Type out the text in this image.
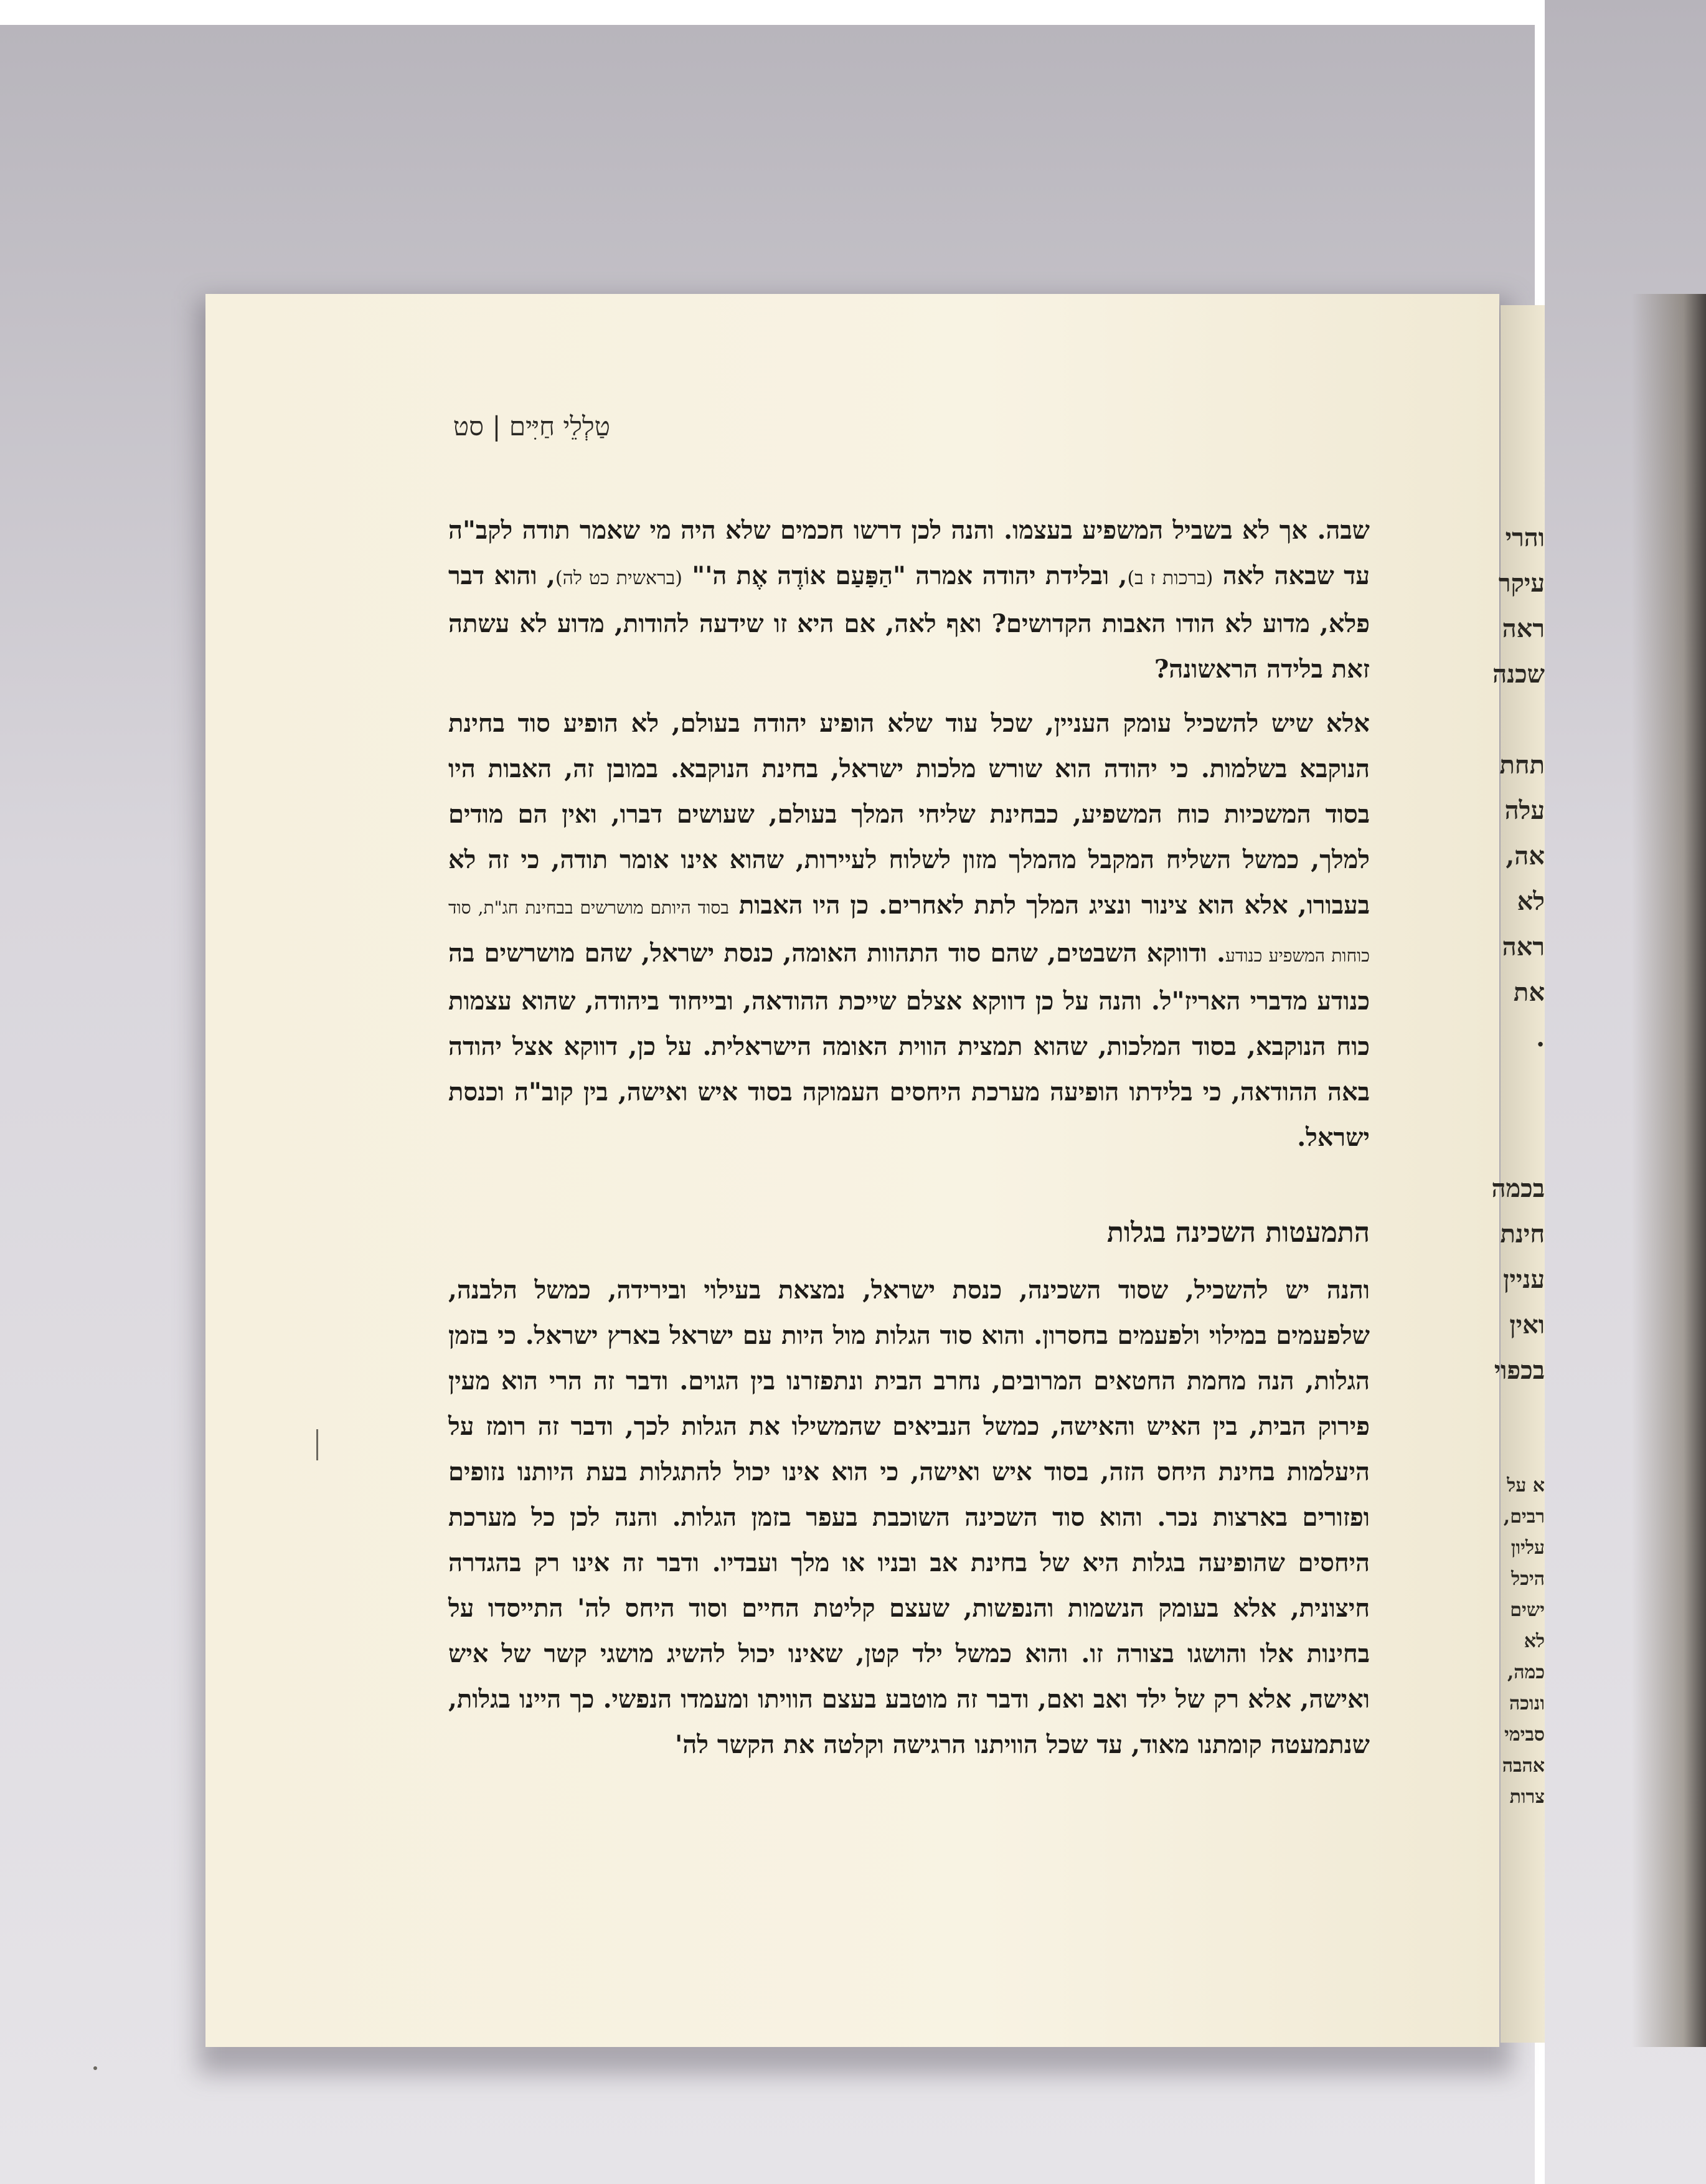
והרי
עיקר
ראה
שכנה
תחת
עלה
אה,
לא
ראה
את
.
בכמה
חינת
עניין
ואין
בכפוי
א על
רבים,
עליון
היכל
ישים
לא
כמה,
ונוכה
סבימי
אהבה
צרות
טַלְלֵי חַיִּים | סט

שבה. אך לא בשביל המשפיע בעצמו. והנה לכן דרשו חכמים שלא היה מי שאמר תודה לקב"ה עד שבאה לאה (ברכות ז ב), ובלידת יהודה אמרה "הַפַּעַם אוֹדֶה אֶת ה'" (בראשית כט לה), והוא דבר פלא, מדוע לא הודו האבות הקדושים? ואף לאה, אם היא זו שידעה להודות, מדוע לא עשתה זאת בלידה הראשונה?

אלא שיש להשכיל עומק העניין, שכל עוד שלא הופיע יהודה בעולם, לא הופיע סוד בחינת הנוקבא בשלמות. כי יהודה הוא שורש מלכות ישראל, בחינת הנוקבא. במובן זה, האבות היו בסוד המשכיות כוח המשפיע, כבחינת שליחי המלך בעולם, שעושים דברו, ואין הם מודים למלך, כמשל השליח המקבל מהמלך מזון לשלוח לעיירות, שהוא אינו אומר תודה, כי זה לא בעבורו, אלא הוא צינור ונציג המלך לתת לאחרים. כן היו האבות בסוד היותם מושרשים בבחינת חג"ת, סוד כוחות המשפיע כנודע. ודווקא השבטים, שהם סוד התהוות האומה, כנסת ישראל, שהם מושרשים בה כנודע מדברי האריז"ל. והנה על כן דווקא אצלם שייכת ההודאה, ובייחוד ביהודה, שהוא עצמות כוח הנוקבא, בסוד המלכות, שהוא תמצית הווית האומה הישראלית. על כן, דווקא אצל יהודה באה ההודאה, כי בלידתו הופיעה מערכת היחסים העמוקה בסוד איש ואישה, בין קוב"ה וכנסת ישראל.

התמעטות השכינה בגלות

והנה יש להשכיל, שסוד השכינה, כנסת ישראל, נמצאת בעילוי ובירידה, כמשל הלבנה, שלפעמים במילוי ולפעמים בחסרון. והוא סוד הגלות מול היות עם ישראל בארץ ישראל. כי בזמן הגלות, הנה מחמת החטאים המרובים, נחרב הבית ונתפזרנו בין הגוים. ודבר זה הרי הוא מעין פירוק הבית, בין האיש והאישה, כמשל הנביאים שהמשילו את הגלות לכך, ודבר זה רומז על היעלמות בחינת היחס הזה, בסוד איש ואישה, כי הוא אינו יכול להתגלות בעת היותנו נזופים ופזורים בארצות נכר. והוא סוד השכינה השוכבת בעפר בזמן הגלות. והנה לכן כל מערכת היחסים שהופיעה בגלות היא של בחינת אב ובניו או מלך ועבדיו. ודבר זה אינו רק בהגדרה חיצונית, אלא בעומק הנשמות והנפשות, שעצם קליטת החיים וסוד היחס לה' התייסדו על בחינות אלו והושגו בצורה זו. והוא כמשל ילד קטן, שאינו יכול להשיג מושגי קשר של איש ואישה, אלא רק של ילד ואב ואם, ודבר זה מוטבע בעצם הוויתו ומעמדו הנפשי. כך היינו בגלות, שנתמעטה קומתנו מאוד, עד שכל הוויתנו הרגישה וקלטה את הקשר לה'
